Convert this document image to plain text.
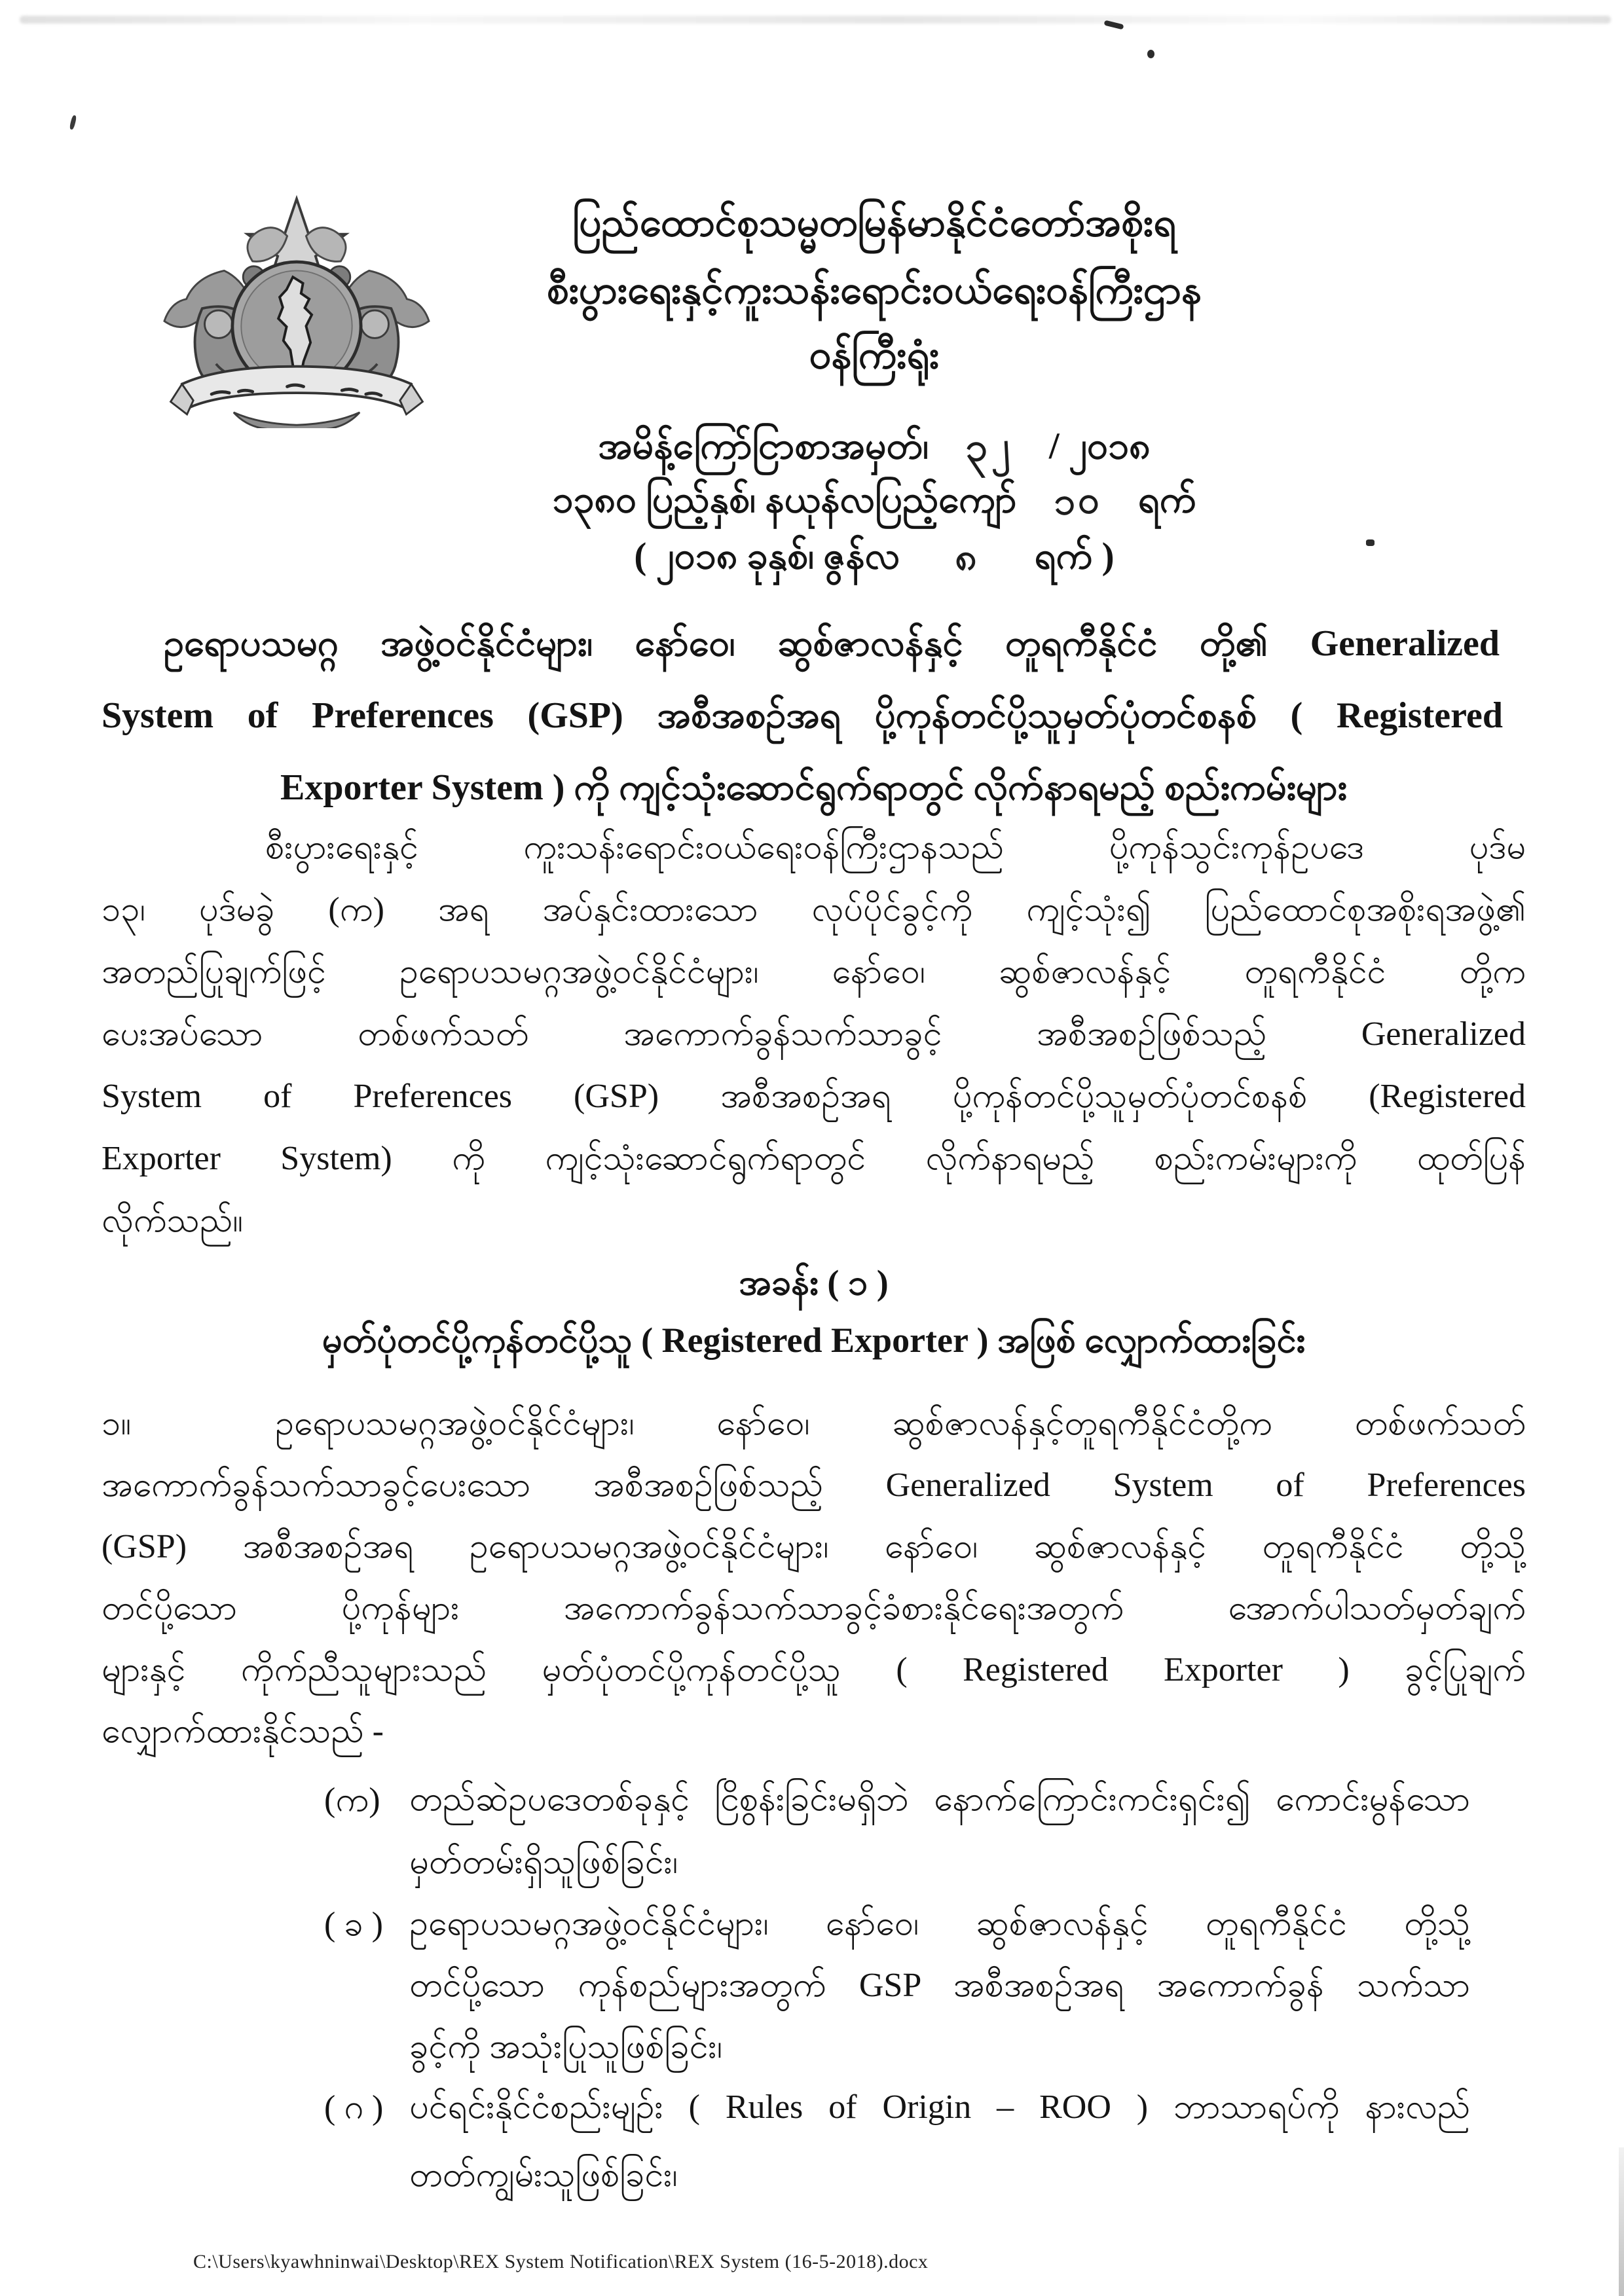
ပြည်ထောင်စုသမ္မတမြန်မာနိုင်ငံတော်အစိုးရ
စီးပွားရေးနှင့်ကူးသန်းရောင်းဝယ်ရေးဝန်ကြီးဌာန
ဝန်ကြီးရုံး
အမိန့်ကြော်ငြာစာအမှတ်၊ ၃၂ / ၂၀၁၈
၁၃၈၀ ပြည့်နှစ်၊ နယုန်လပြည့်ကျော် ၁၀ ရက်
( ၂၀၁၈ ခုနှစ်၊ ဇွန်လ ၈ ရက် )
ဥရောပသမဂ္ဂ အဖွဲ့ဝင်နိုင်ငံများ၊ နော်ဝေ၊ ဆွစ်ဇာလန်နှင့် တူရကီနိုင်ငံ တို့၏ Generalized
System of Preferences (GSP) အစီအစဉ်အရ ပို့ကုန်တင်ပို့သူမှတ်ပုံတင်စနစ် ( Registered
Exporter System ) ကို ကျင့်သုံးဆောင်ရွက်ရာတွင် လိုက်နာရမည့် စည်းကမ်းများ
စီးပွားရေးနှင့် ကူးသန်းရောင်းဝယ်ရေးဝန်ကြီးဌာနသည် ပို့ကုန်သွင်းကုန်ဥပဒေ ပုဒ်မ
၁၃၊ ပုဒ်မခွဲ (က) အရ အပ်နှင်းထားသော လုပ်ပိုင်ခွင့်ကို ကျင့်သုံး၍ ပြည်ထောင်စုအစိုးရအဖွဲ့၏
အတည်ပြုချက်ဖြင့် ဥရောပသမဂ္ဂအဖွဲ့ဝင်နိုင်ငံများ၊ နော်ဝေ၊ ဆွစ်ဇာလန်နှင့် တူရကီနိုင်ငံ တို့က
ပေးအပ်သော တစ်ဖက်သတ် အကောက်ခွန်သက်သာခွင့် အစီအစဉ်ဖြစ်သည့် Generalized
System of Preferences (GSP) အစီအစဉ်အရ ပို့ကုန်တင်ပို့သူမှတ်ပုံတင်စနစ် (Registered
Exporter System) ကို ကျင့်သုံးဆောင်ရွက်ရာတွင် လိုက်နာရမည့် စည်းကမ်းများကို ထုတ်ပြန်
လိုက်သည်။
အခန်း ( ၁ )
မှတ်ပုံတင်ပို့ကုန်တင်ပို့သူ ( Registered Exporter ) အဖြစ် လျှောက်ထားခြင်း
၁။	ဥရောပသမဂ္ဂအဖွဲ့ဝင်နိုင်ငံများ၊ နော်ဝေ၊ ဆွစ်ဇာလန်နှင့်တူရကီနိုင်ငံတို့က တစ်ဖက်သတ်
အကောက်ခွန်သက်သာခွင့်ပေးသော အစီအစဉ်ဖြစ်သည့် Generalized System of Preferences
(GSP) အစီအစဉ်အရ ဥရောပသမဂ္ဂအဖွဲ့ဝင်နိုင်ငံများ၊ နော်ဝေ၊ ဆွစ်ဇာလန်နှင့် တူရကီနိုင်ငံ တို့သို့
တင်ပို့သော ပို့ကုန်များ အကောက်ခွန်သက်သာခွင့်ခံစားနိုင်ရေးအတွက် အောက်ပါသတ်မှတ်ချက်
များနှင့် ကိုက်ညီသူများသည် မှတ်ပုံတင်ပို့ကုန်တင်ပို့သူ ( Registered Exporter ) ခွင့်ပြုချက်
လျှောက်ထားနိုင်သည် -
(က) တည်ဆဲဥပဒေတစ်ခုနှင့် ငြိစွန်းခြင်းမရှိဘဲ နောက်ကြောင်းကင်းရှင်း၍ ကောင်းမွန်သော
မှတ်တမ်းရှိသူဖြစ်ခြင်း၊
( ခ ) ဥရောပသမဂ္ဂအဖွဲ့ဝင်နိုင်ငံများ၊ နော်ဝေ၊ ဆွစ်ဇာလန်နှင့် တူရကီနိုင်ငံ တို့သို့
တင်ပို့သော ကုန်စည်များအတွက် GSP အစီအစဉ်အရ အကောက်ခွန် သက်သာ
ခွင့်ကို အသုံးပြုသူဖြစ်ခြင်း၊
( ဂ ) ပင်ရင်းနိုင်ငံစည်းမျဉ်း ( Rules of Origin – ROO ) ဘာသာရပ်ကို နားလည်
တတ်ကျွမ်းသူဖြစ်ခြင်း၊
C:\Users\kyawhninwai\Desktop\REX System Notification\REX System (16-5-2018).docx
